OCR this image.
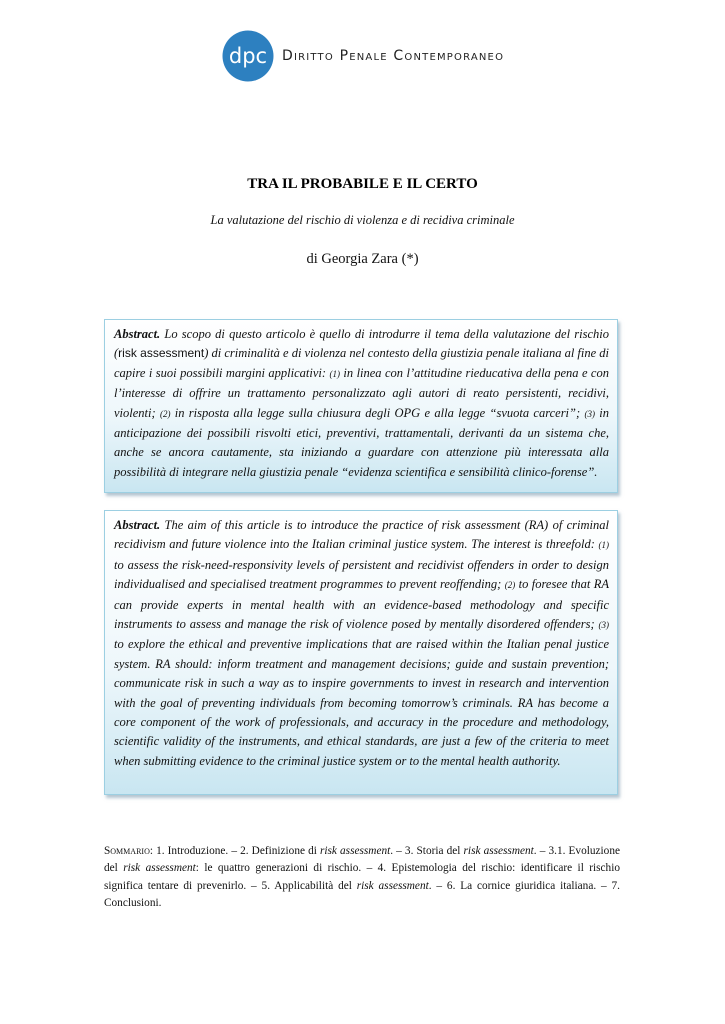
dpc Diritto Penale Contemporaneo
TRA IL PROBABILE E IL CERTO
La valutazione del rischio di violenza e di recidiva criminale
di Georgia Zara (*)
Abstract. Lo scopo di questo articolo è quello di introdurre il tema della valutazione del rischio (risk assessment) di criminalità e di violenza nel contesto della giustizia penale italiana al fine di capire i suoi possibili margini applicativi: (1) in linea con l’attitudine rieducativa della pena e con l’interesse di offrire un trattamento personalizzato agli autori di reato persistenti, recidivi, violenti; (2) in risposta alla legge sulla chiusura degli OPG e alla legge “svuota carceri”; (3) in anticipazione dei possibili risvolti etici, preventivi, trattamentali, derivanti da un sistema che, anche se ancora cautamente, sta iniziando a guardare con attenzione più interessata alla possibilità di integrare nella giustizia penale “evidenza scientifica e sensibilità clinico-forense”.
Abstract. The aim of this article is to introduce the practice of risk assessment (RA) of criminal recidivism and future violence into the Italian criminal justice system. The interest is threefold: (1) to assess the risk-need-responsivity levels of persistent and recidivist offenders in order to design individualised and specialised treatment programmes to prevent reoffending; (2) to foresee that RA can provide experts in mental health with an evidence-based methodology and specific instruments to assess and manage the risk of violence posed by mentally disordered offenders; (3) to explore the ethical and preventive implications that are raised within the Italian penal justice system. RA should: inform treatment and management decisions; guide and sustain prevention; communicate risk in such a way as to inspire governments to invest in research and intervention with the goal of preventing individuals from becoming tomorrow’s criminals. RA has become a core component of the work of professionals, and accuracy in the procedure and methodology, scientific validity of the instruments, and ethical standards, are just a few of the criteria to meet when submitting evidence to the criminal justice system or to the mental health authority.
Sommario: 1. Introduzione. – 2. Definizione di risk assessment. – 3. Storia del risk assessment. – 3.1. Evoluzione del risk assessment: le quattro generazioni di rischio. – 4. Epistemologia del rischio: identificare il rischio significa tentare di prevenirlo. – 5. Applicabilità del risk assessment. – 6. La cornice giuridica italiana. – 7. Conclusioni.
